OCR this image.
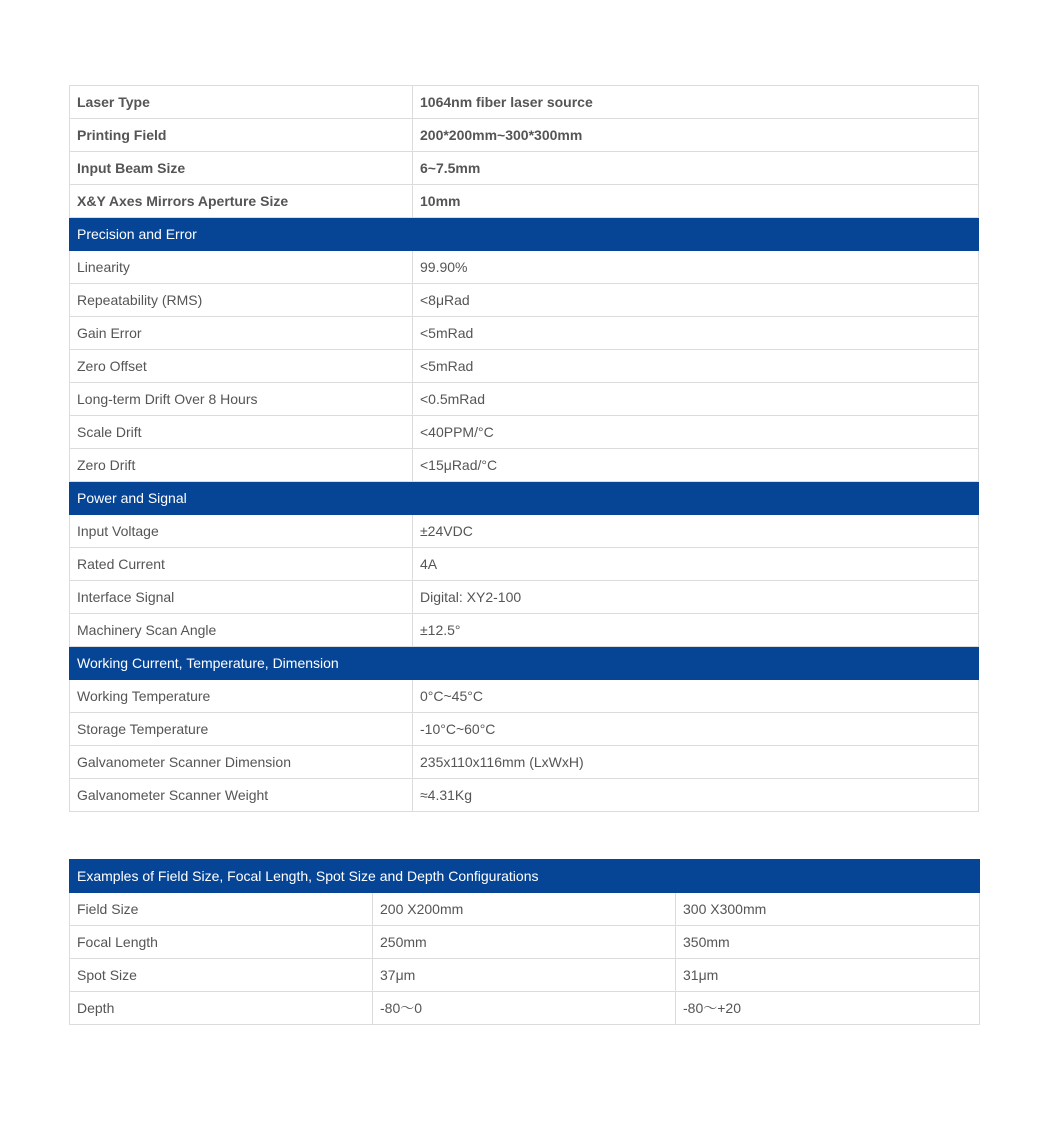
Laser Type	1064nm fiber laser source
Printing Field	200*200mm~300*300mm
Input Beam Size	6~7.5mm
X&Y Axes Mirrors Aperture Size	10mm
Precision and Error	
Linearity	99.90%
Repeatability (RMS)	<8μRad
Gain Error	<5mRad
Zero Offset	<5mRad
Long-term Drift Over 8 Hours	<0.5mRad
Scale Drift	<40PPM/°C
Zero Drift	<15μRad/°C
Power and Signal	
Input Voltage	±24VDC
Rated Current	4A
Interface Signal	Digital: XY2-100
Machinery Scan Angle	±12.5°
Working Current, Temperature, Dimension	
Working Temperature	0°C~45°C
Storage Temperature	-10°C~60°C
Galvanometer Scanner Dimension	235x110x116mm (LxWxH)
Galvanometer Scanner Weight	≈4.31Kg
Examples of Field Size, Focal Length, Spot Size and Depth Configurations		
Field Size	200 X200mm	300 X300mm
Focal Length	250mm	350mm
Spot Size	37μm	31μm
Depth	-80～0	-80～+20
